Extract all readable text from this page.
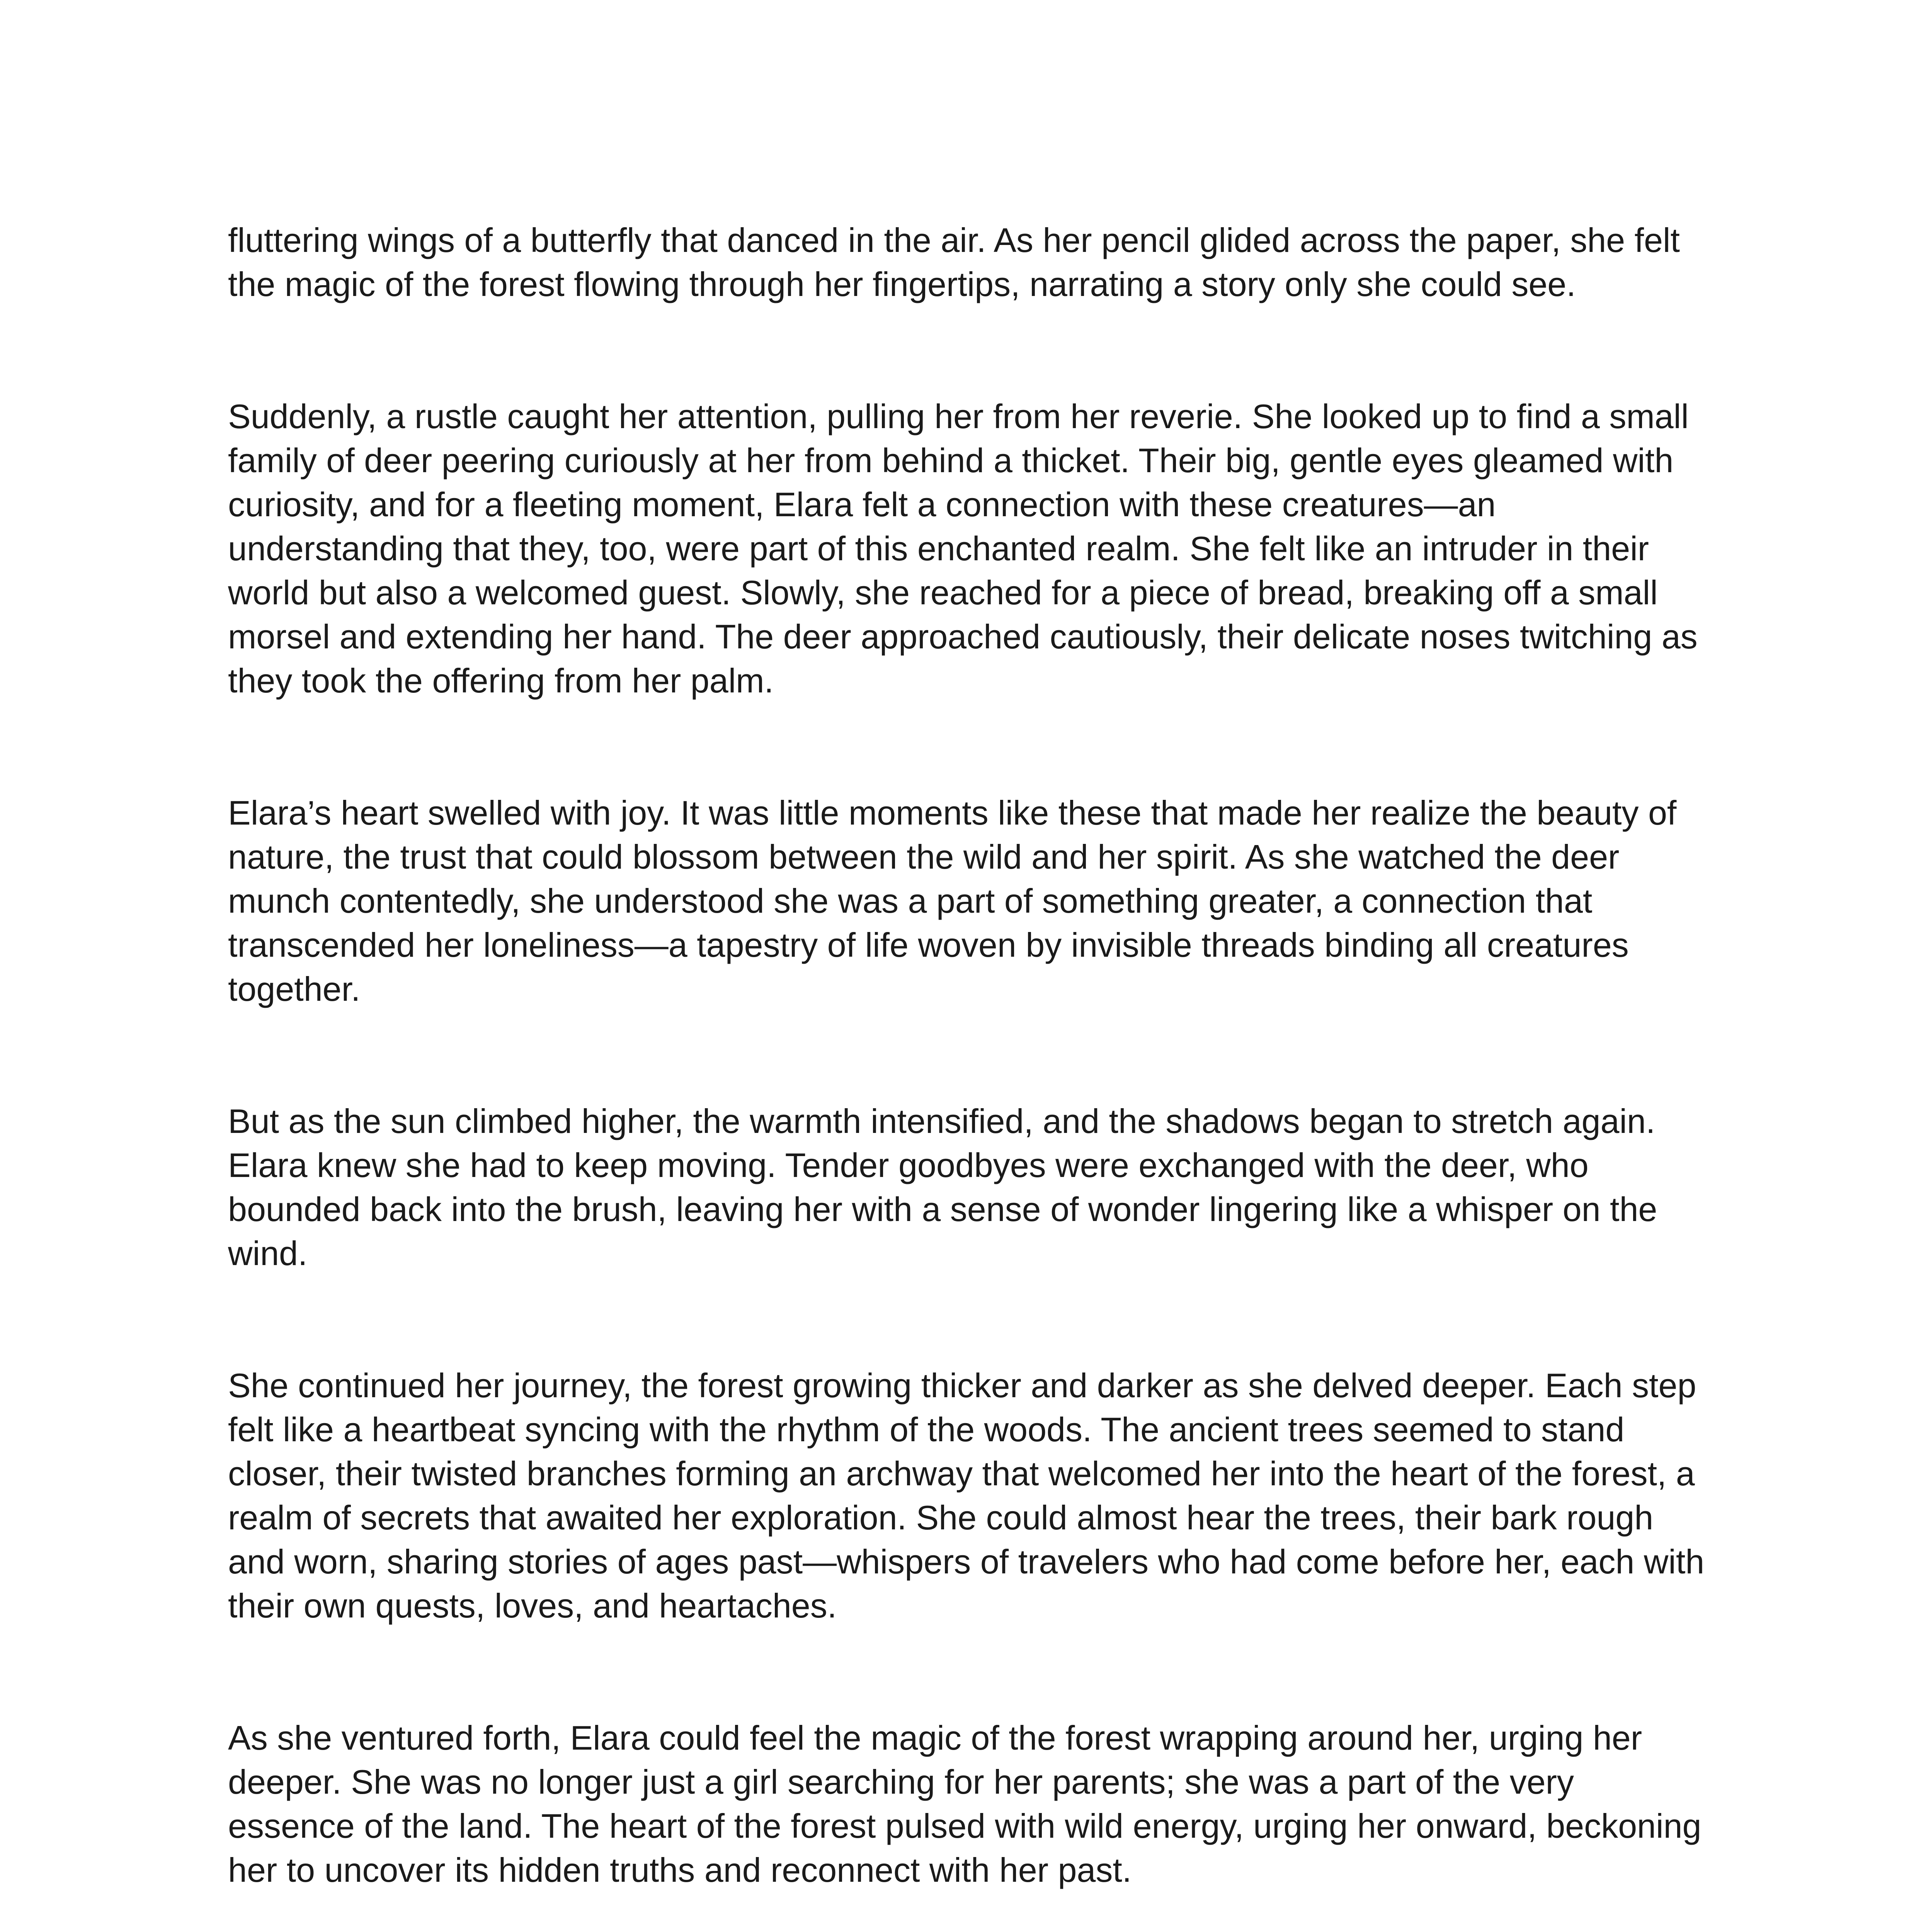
fluttering wings of a butterfly that danced in the air. As her pencil glided across the paper, she felt the magic of the forest flowing through her fingertips, narrating a story only she could see.

Suddenly, a rustle caught her attention, pulling her from her reverie. She looked up to find a small family of deer peering curiously at her from behind a thicket. Their big, gentle eyes gleamed with curiosity, and for a fleeting moment, Elara felt a connection with these creatures—an understanding that they, too, were part of this enchanted realm. She felt like an intruder in their world but also a welcomed guest. Slowly, she reached for a piece of bread, breaking off a small morsel and extending her hand. The deer approached cautiously, their delicate noses twitching as they took the offering from her palm.

Elara’s heart swelled with joy. It was little moments like these that made her realize the beauty of nature, the trust that could blossom between the wild and her spirit. As she watched the deer munch contentedly, she understood she was a part of something greater, a connection that transcended her loneliness—a tapestry of life woven by invisible threads binding all creatures together.

But as the sun climbed higher, the warmth intensified, and the shadows began to stretch again. Elara knew she had to keep moving. Tender goodbyes were exchanged with the deer, who bounded back into the brush, leaving her with a sense of wonder lingering like a whisper on the wind.

She continued her journey, the forest growing thicker and darker as she delved deeper. Each step felt like a heartbeat syncing with the rhythm of the woods. The ancient trees seemed to stand closer, their twisted branches forming an archway that welcomed her into the heart of the forest, a realm of secrets that awaited her exploration. She could almost hear the trees, their bark rough and worn, sharing stories of ages past—whispers of travelers who had come before her, each with their own quests, loves, and heartaches.

As she ventured forth, Elara could feel the magic of the forest wrapping around her, urging her deeper. She was no longer just a girl searching for her parents; she was a part of the very essence of the land. The heart of the forest pulsed with wild energy, urging her onward, beckoning her to uncover its hidden truths and reconnect with her past.
